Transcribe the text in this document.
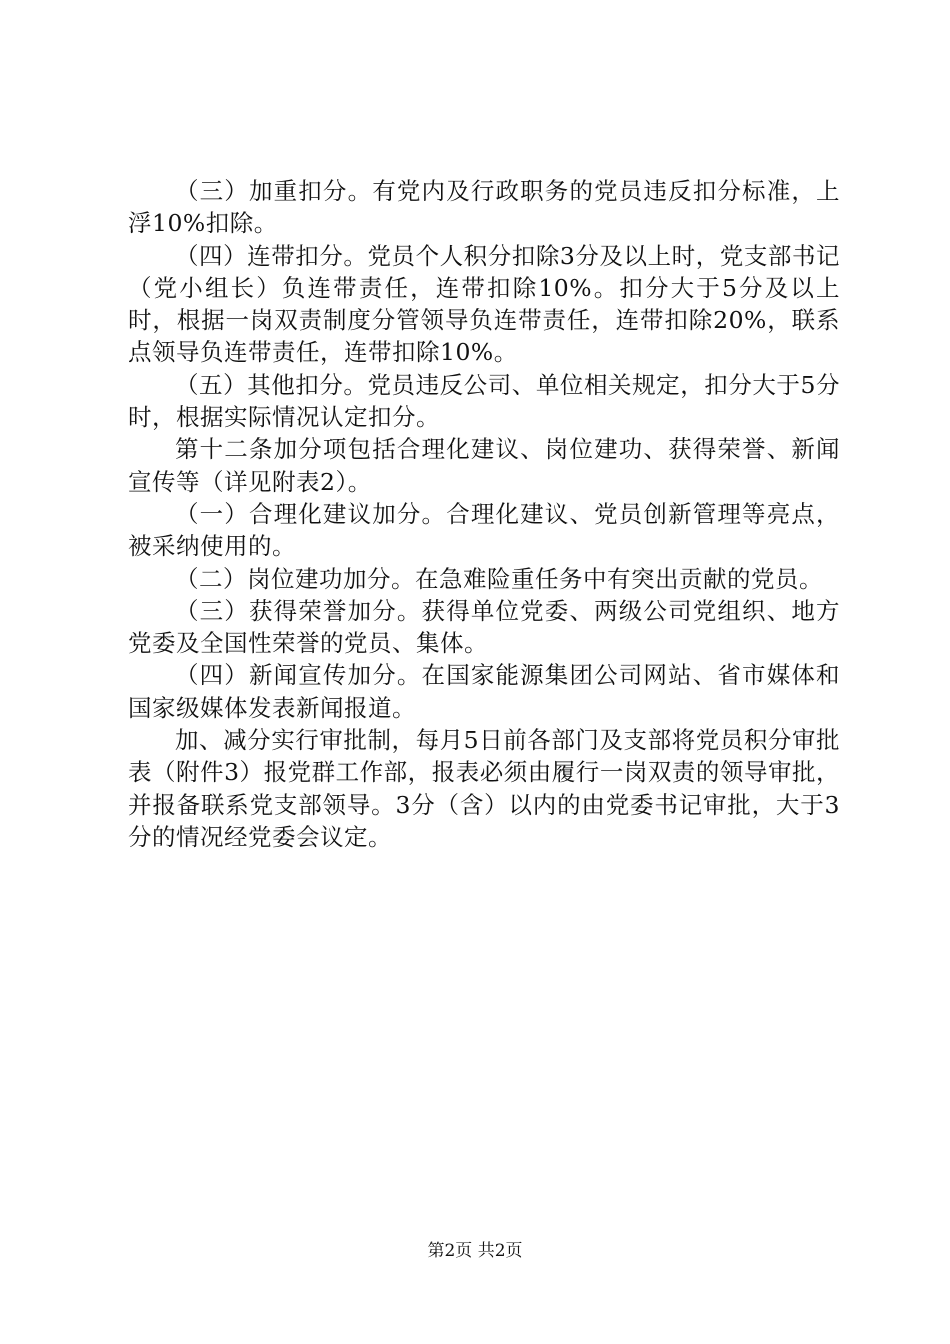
（三）加重扣分。有党内及行政职务的党员违反扣分标准，上浮10%扣除。

（四）连带扣分。党员个人积分扣除3分及以上时，党支部书记（党小组长）负连带责任，连带扣除10%。扣分大于5分及以上时，根据一岗双责制度分管领导负连带责任，连带扣除20%，联系点领导负连带责任，连带扣除10%。

（五）其他扣分。党员违反公司、单位相关规定，扣分大于5分时，根据实际情况认定扣分。

第十二条加分项包括合理化建议、岗位建功、获得荣誉、新闻宣传等（详见附表2）。

（一）合理化建议加分。合理化建议、党员创新管理等亮点，被采纳使用的。

（二）岗位建功加分。在急难险重任务中有突出贡献的党员。

（三）获得荣誉加分。获得单位党委、两级公司党组织、地方党委及全国性荣誉的党员、集体。

（四）新闻宣传加分。在国家能源集团公司网站、省市媒体和国家级媒体发表新闻报道。

加、减分实行审批制，每月5日前各部门及支部将党员积分审批表（附件3）报党群工作部，报表必须由履行一岗双责的领导审批，并报备联系党支部领导。3分（含）以内的由党委书记审批，大于3分的情况经党委会议定。

第2页 共2页
